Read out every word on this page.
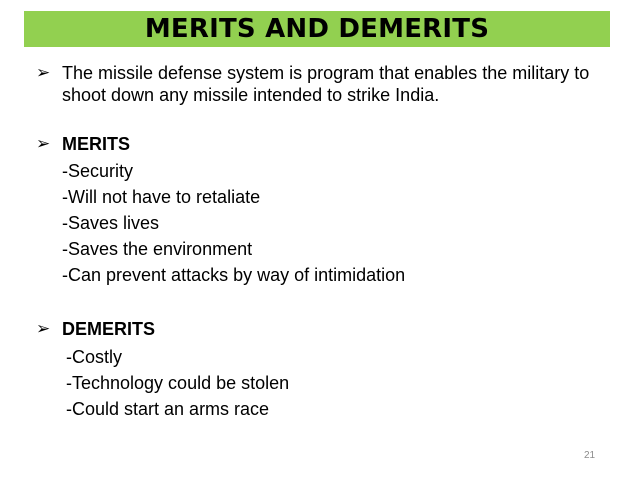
MERITS AND DEMERITS
➢ The missile defense system is program that enables the military to shoot down any missile intended to strike India.
➢ MERITS
-Security
-Will not have to retaliate
-Saves lives
-Saves the environment
-Can prevent attacks by way of intimidation
➢ DEMERITS
-Costly
-Technology could be stolen
-Could start an arms race
21
